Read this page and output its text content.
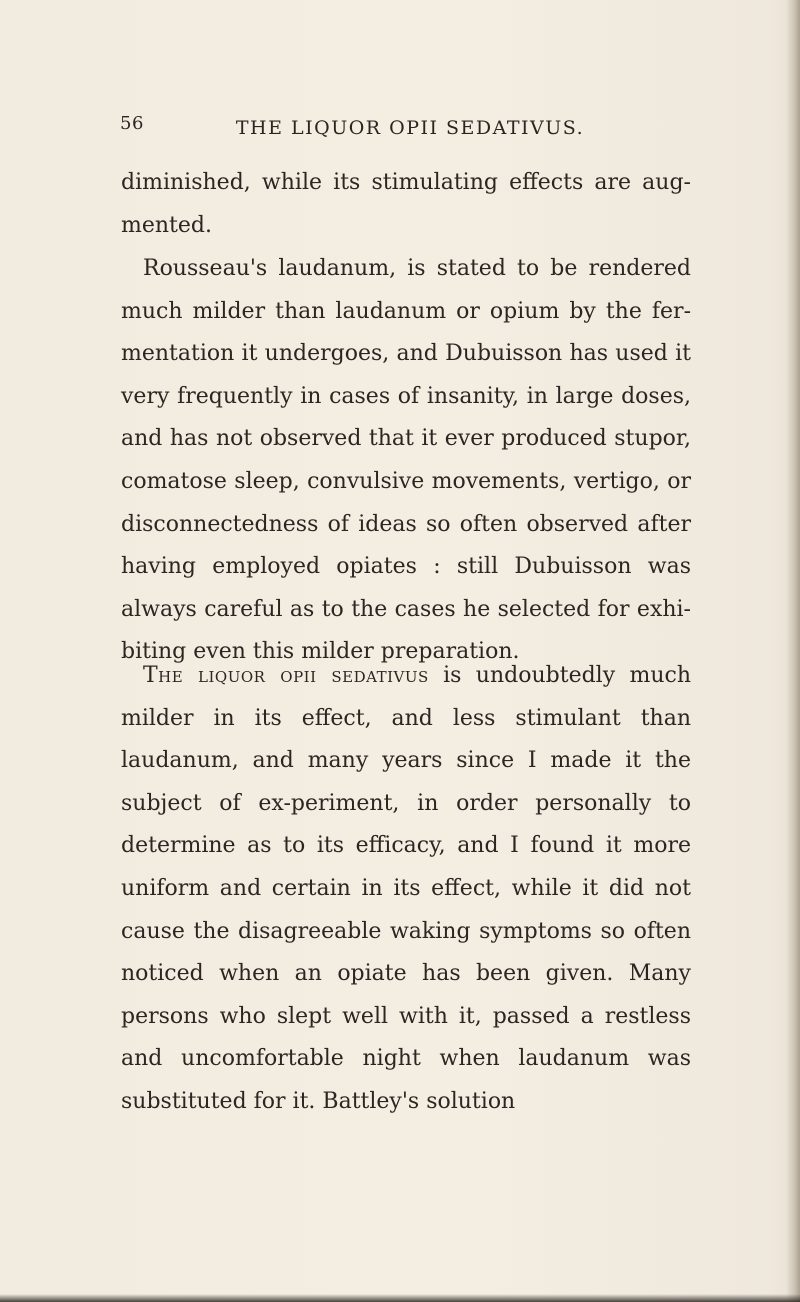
56	THE LIQUOR OPII SEDATIVUS.

diminished, while its stimulating effects are aug-mented.

Rousseau's laudanum, is stated to be rendered much milder than laudanum or opium by the fer-mentation it undergoes, and Dubuisson has used it very frequently in cases of insanity, in large doses, and has not observed that it ever produced stupor, comatose sleep, convulsive movements, vertigo, or disconnectedness of ideas so often observed after having employed opiates : still Dubuisson was always careful as to the cases he selected for exhi-biting even this milder preparation.

The liquor opii sedativus is undoubtedly much milder in its effect, and less stimulant than laudanum, and many years since I made it the subject of ex-periment, in order personally to determine as to its efficacy, and I found it more uniform and certain in its effect, while it did not cause the disagreeable waking symptoms so often noticed when an opiate has been given. Many persons who slept well with it, passed a restless and uncomfortable night when laudanum was substituted for it. Battley's solution
